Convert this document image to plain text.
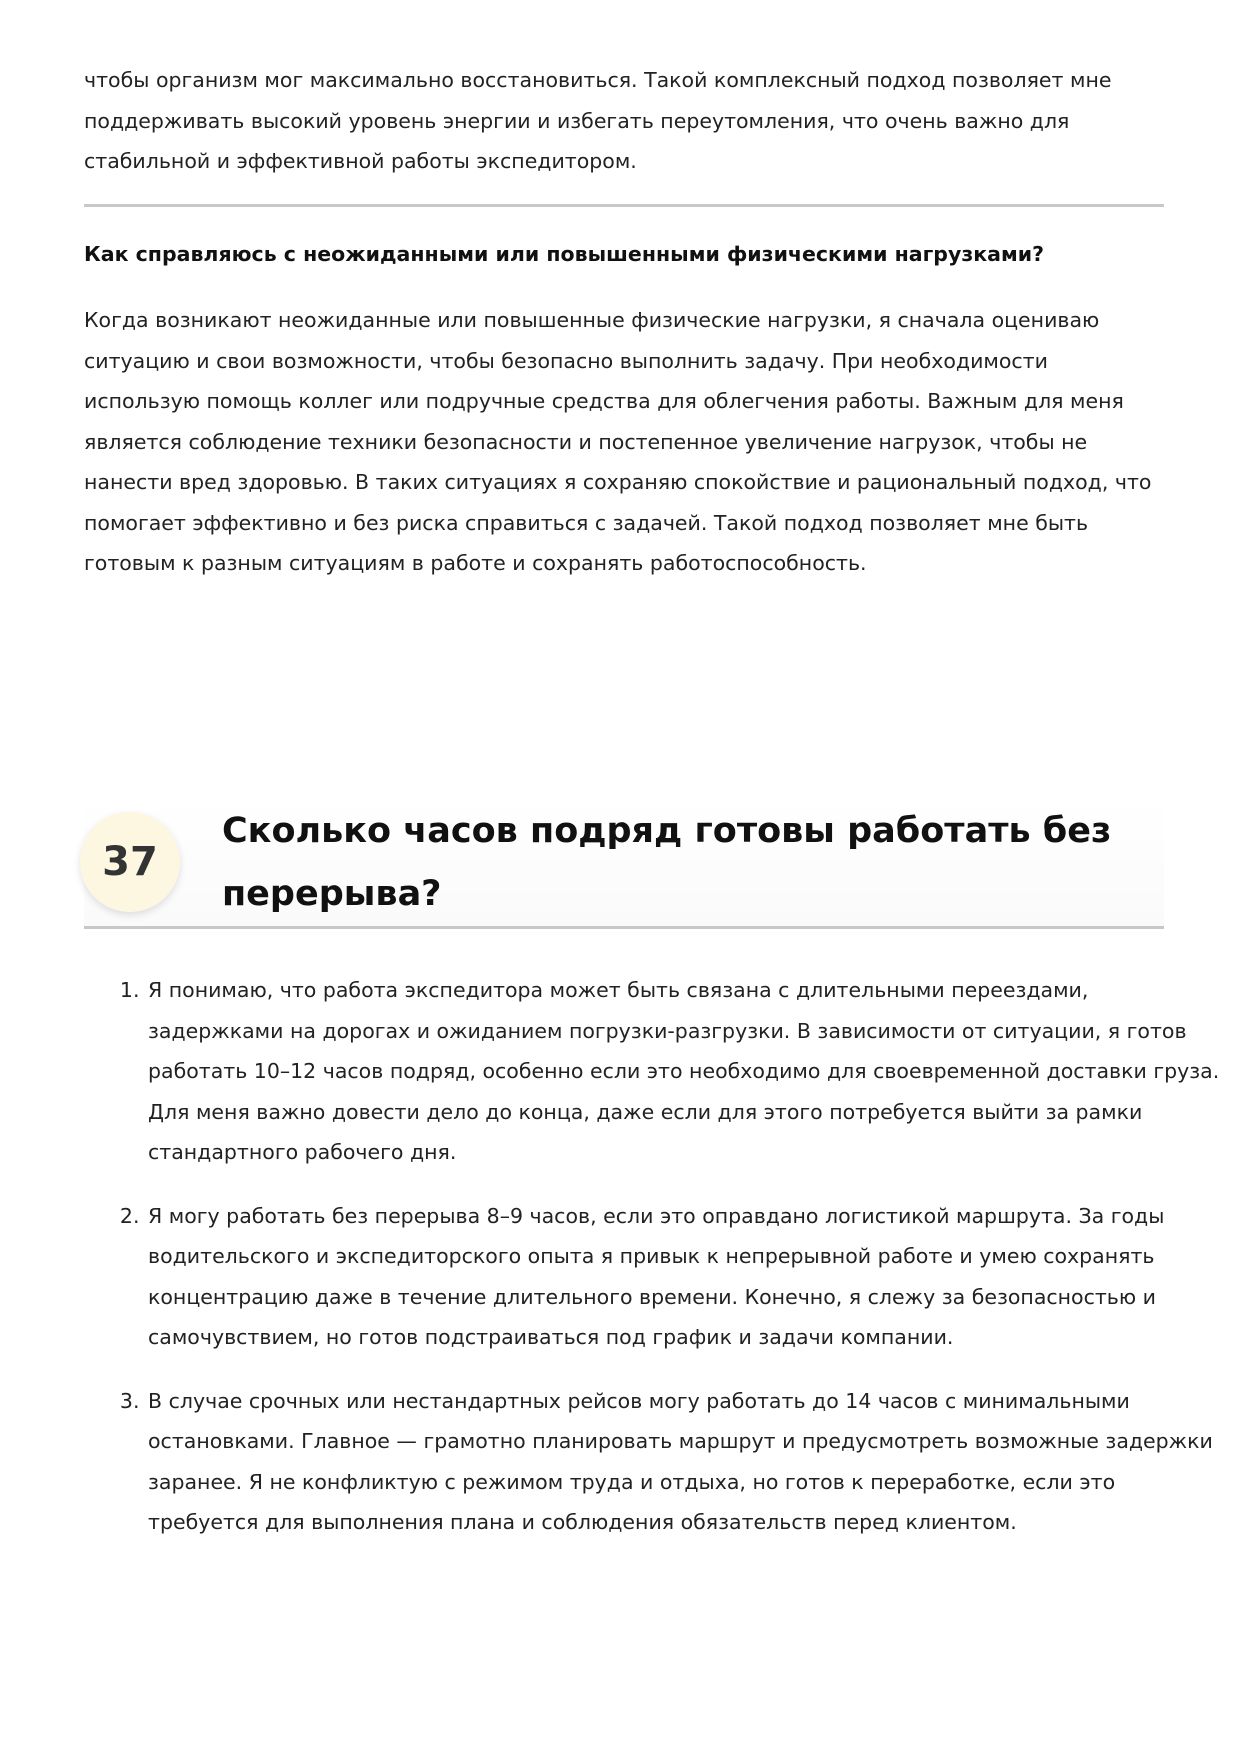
чтобы организм мог максимально восстановиться. Такой комплексный подход позволяет мне поддерживать высокий уровень энергии и избегать переутомления, что очень важно для стабильной и эффективной работы экспедитором.

Как справляюсь с неожиданными или повышенными физическими нагрузками?

Когда возникают неожиданные или повышенные физические нагрузки, я сначала оцениваю ситуацию и свои возможности, чтобы безопасно выполнить задачу. При необходимости использую помощь коллег или подручные средства для облегчения работы. Важным для меня является соблюдение техники безопасности и постепенное увеличение нагрузок, чтобы не нанести вред здоровью. В таких ситуациях я сохраняю спокойствие и рациональный подход, что помогает эффективно и без риска справиться с задачей. Такой подход позволяет мне быть готовым к разным ситуациям в работе и сохранять работоспособность.

37
Сколько часов подряд готовы работать без перерыва?
1. Я понимаю, что работа экспедитора может быть связана с длительными переездами, задержками на дорогах и ожиданием погрузки-разгрузки. В зависимости от ситуации, я готов работать 10–12 часов подряд, особенно если это необходимо для своевременной доставки груза. Для меня важно довести дело до конца, даже если для этого потребуется выйти за рамки стандартного рабочего дня.
2. Я могу работать без перерыва 8–9 часов, если это оправдано логистикой маршрута. За годы водительского и экспедиторского опыта я привык к непрерывной работе и умею сохранять концентрацию даже в течение длительного времени. Конечно, я слежу за безопасностью и самочувствием, но готов подстраиваться под график и задачи компании.
3. В случае срочных или нестандартных рейсов могу работать до 14 часов с минимальными остановками. Главное — грамотно планировать маршрут и предусмотреть возможные задержки заранее. Я не конфликтую с режимом труда и отдыха, но готов к переработке, если это требуется для выполнения плана и соблюдения обязательств перед клиентом.
